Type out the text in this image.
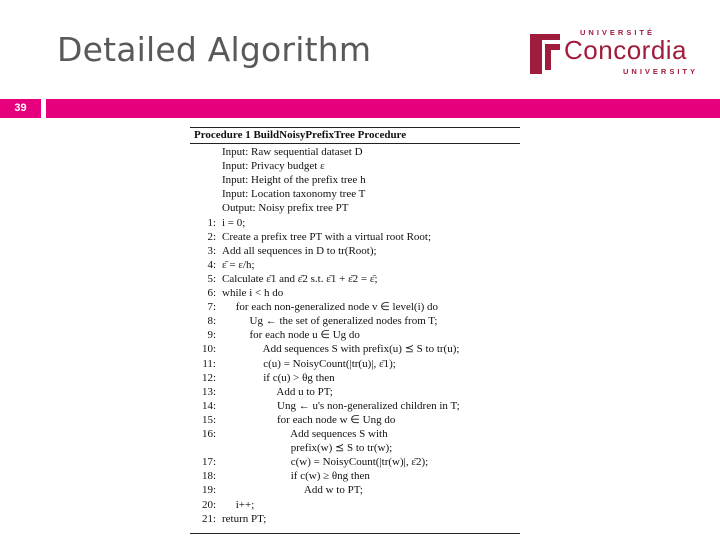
Detailed Algorithm	UNIVERSITÉ
Concordia
UNIVERSITY
39
Procedure 1 BuildNoisyPrefixTree Procedure
Input: Raw sequential dataset D
Input: Privacy budget ε
Input: Height of the prefix tree h
Input: Location taxonomy tree T
Output: Noisy prefix tree PT
1: i = 0;
2: Create a prefix tree PT with a virtual root Root;
3: Add all sequences in D to tr(Root);
4: ε̄ = ε/h;
5: Calculate ε̄1 and ε̄2 s.t. ε̄1 + ε̄2 = ε̄;
6: while i < h do
7:     for each non-generalized node v ∈ level(i) do
8:          Ug ← the set of generalized nodes from T;
9:          for each node u ∈ Ug do
10:               Add sequences S with prefix(u) ⪯ S to tr(u);
11:               c(u) = NoisyCount(|tr(u)|, ε̄1);
12:               if c(u) > θg then
13:                    Add u to PT;
14:                    Ung ← u's non-generalized children in T;
15:                    for each node w ∈ Ung do
16:                         Add sequences S with
prefix(w) ⪯ S to tr(w);
17:                         c(w) = NoisyCount(|tr(w)|, ε̄2);
18:                         if c(w) ≥ θng then
19:                              Add w to PT;
20:     i++;
21: return PT;
